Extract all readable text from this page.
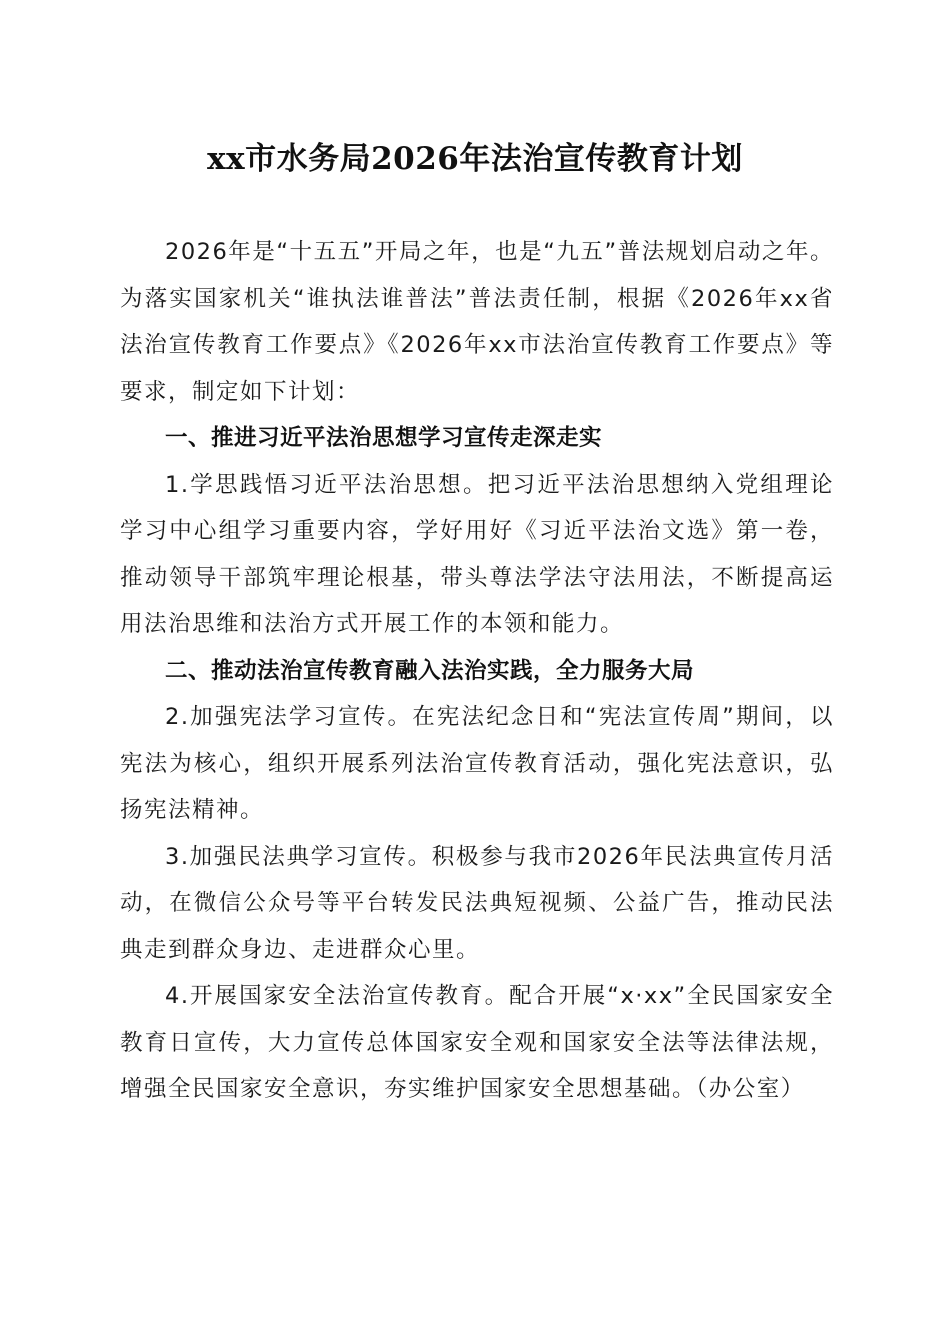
xx市水务局2026年法治宣传教育计划

2026年是“十五五”开局之年，也是“九五”普法规划启动之年。为落实国家机关“谁执法谁普法”普法责任制，根据《2026年xx省法治宣传教育工作要点》《2026年xx市法治宣传教育工作要点》等要求，制定如下计划：

一、推进习近平法治思想学习宣传走深走实

1.学思践悟习近平法治思想。把习近平法治思想纳入党组理论学习中心组学习重要内容，学好用好《习近平法治文选》第一卷，推动领导干部筑牢理论根基，带头尊法学法守法用法，不断提高运用法治思维和法治方式开展工作的本领和能力。

二、推动法治宣传教育融入法治实践，全力服务大局

2.加强宪法学习宣传。在宪法纪念日和“宪法宣传周”期间，以宪法为核心，组织开展系列法治宣传教育活动，强化宪法意识，弘扬宪法精神。

3.加强民法典学习宣传。积极参与我市2026年民法典宣传月活动，在微信公众号等平台转发民法典短视频、公益广告，推动民法典走到群众身边、走进群众心里。

4.开展国家安全法治宣传教育。配合开展“x·xx”全民国家安全教育日宣传，大力宣传总体国家安全观和国家安全法等法律法规，增强全民国家安全意识，夯实维护国家安全思想基础。（办公室）
